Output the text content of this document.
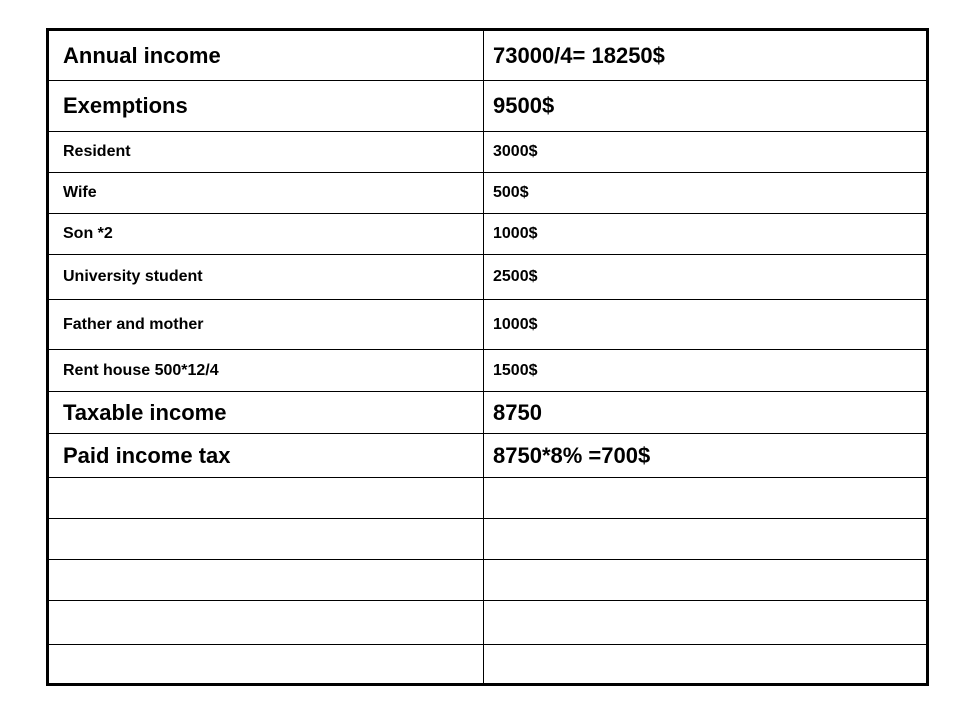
Annual income	73000/4= 18250$
Exemptions	9500$
Resident	3000$
Wife	500$
Son *2	1000$
University student	2500$
Father and mother	1000$
Rent house 500*12/4	1500$
Taxable income	8750
Paid income tax	8750*8% =700$
